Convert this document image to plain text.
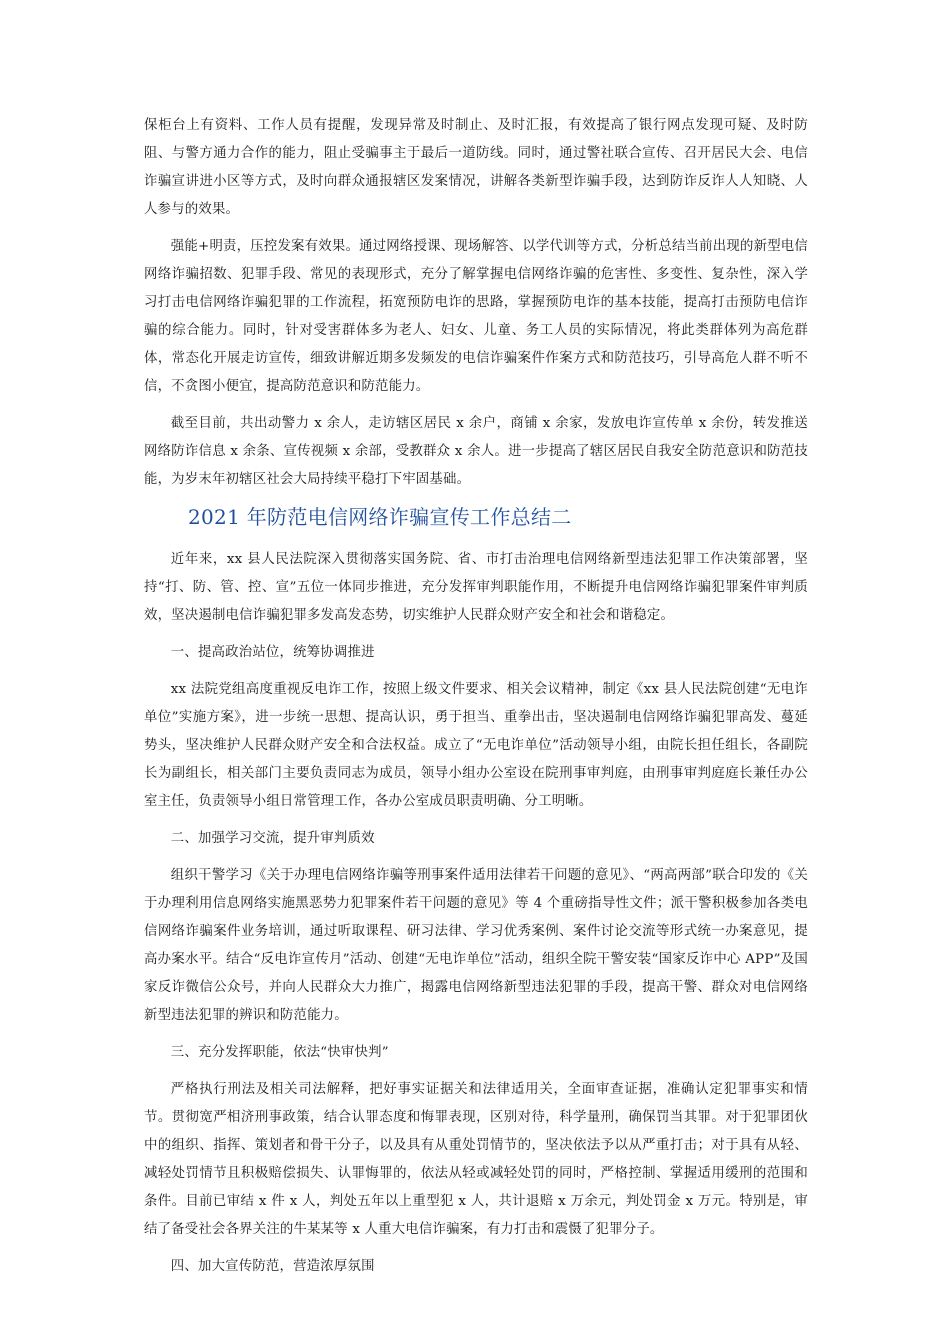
保柜台上有资料、工作人员有提醒，发现异常及时制止、及时汇报，有效提高了银行网点发现可疑、及时防阻、与警方通力合作的能力，阻止受骗事主于最后一道防线。同时，通过警社联合宣传、召开居民大会、电信诈骗宣讲进小区等方式，及时向群众通报辖区发案情况，讲解各类新型诈骗手段，达到防诈反诈人人知晓、人人参与的效果。

强能+明责，压控发案有效果。通过网络授课、现场解答、以学代训等方式，分析总结当前出现的新型电信网络诈骗招数、犯罪手段、常见的表现形式，充分了解掌握电信网络诈骗的危害性、多变性、复杂性，深入学习打击电信网络诈骗犯罪的工作流程，拓宽预防电诈的思路，掌握预防电诈的基本技能，提高打击预防电信诈骗的综合能力。同时，针对受害群体多为老人、妇女、儿童、务工人员的实际情况，将此类群体列为高危群体，常态化开展走访宣传，细致讲解近期多发频发的电信诈骗案件作案方式和防范技巧，引导高危人群不听不信，不贪图小便宜，提高防范意识和防范能力。

截至目前，共出动警力 x 余人，走访辖区居民 x 余户，商铺 x 余家，发放电诈宣传单 x 余份，转发推送网络防诈信息 x 余条、宣传视频 x 余部，受教群众 x 余人。进一步提高了辖区居民自我安全防范意识和防范技能，为岁末年初辖区社会大局持续平稳打下牢固基础。

2021 年防范电信网络诈骗宣传工作总结二

近年来，xx 县人民法院深入贯彻落实国务院、省、市打击治理电信网络新型违法犯罪工作决策部署，坚持“打、防、管、控、宣”五位一体同步推进，充分发挥审判职能作用，不断提升电信网络诈骗犯罪案件审判质效，坚决遏制电信诈骗犯罪多发高发态势，切实维护人民群众财产安全和社会和谐稳定。

一、提高政治站位，统筹协调推进

xx 法院党组高度重视反电诈工作，按照上级文件要求、相关会议精神，制定《xx 县人民法院创建“无电诈单位”实施方案》，进一步统一思想、提高认识，勇于担当、重拳出击，坚决遏制电信网络诈骗犯罪高发、蔓延势头，坚决维护人民群众财产安全和合法权益。成立了“无电诈单位”活动领导小组，由院长担任组长，各副院长为副组长，相关部门主要负责同志为成员，领导小组办公室设在院刑事审判庭，由刑事审判庭庭长兼任办公室主任，负责领导小组日常管理工作，各办公室成员职责明确、分工明晰。

二、加强学习交流，提升审判质效

组织干警学习《关于办理电信网络诈骗等刑事案件适用法律若干问题的意见》、“两高两部”联合印发的《关于办理利用信息网络实施黑恶势力犯罪案件若干问题的意见》等 4 个重磅指导性文件；派干警积极参加各类电信网络诈骗案件业务培训，通过听取课程、研习法律、学习优秀案例、案件讨论交流等形式统一办案意见，提高办案水平。结合“反电诈宣传月”活动、创建“无电诈单位”活动，组织全院干警安装“国家反诈中心 APP”及国家反诈微信公众号，并向人民群众大力推广，揭露电信网络新型违法犯罪的手段，提高干警、群众对电信网络新型违法犯罪的辨识和防范能力。

三、充分发挥职能，依法“快审快判”

严格执行刑法及相关司法解释，把好事实证据关和法律适用关，全面审查证据，准确认定犯罪事实和情节。贯彻宽严相济刑事政策，结合认罪态度和悔罪表现，区别对待，科学量刑，确保罚当其罪。对于犯罪团伙中的组织、指挥、策划者和骨干分子，以及具有从重处罚情节的，坚决依法予以从严重打击；对于具有从轻、减轻处罚情节且积极赔偿损失、认罪悔罪的，依法从轻或减轻处罚的同时，严格控制、掌握适用缓刑的范围和条件。目前已审结 x 件 x 人，判处五年以上重型犯 x 人，共计退赔 x 万余元，判处罚金 x 万元。特别是，审结了备受社会各界关注的牛某某等 x 人重大电信诈骗案，有力打击和震慑了犯罪分子。

四、加大宣传防范，营造浓厚氛围
